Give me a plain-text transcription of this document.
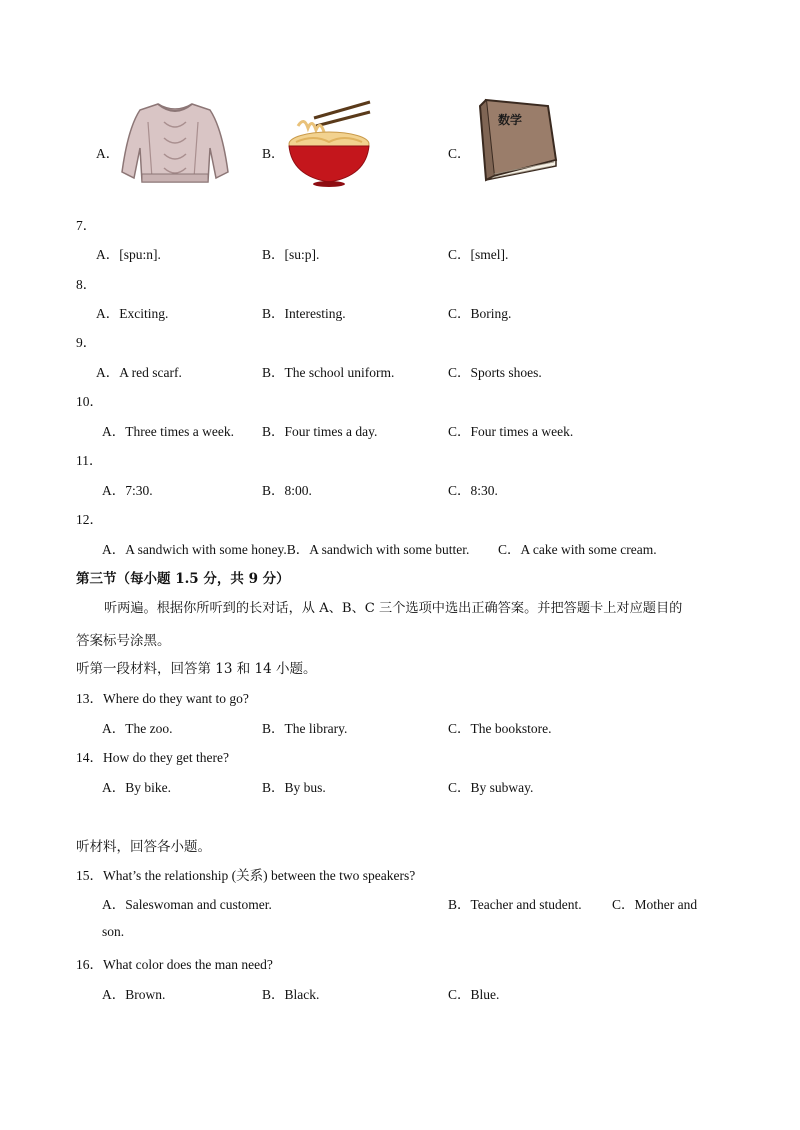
A．	B．	C．
数学
7．
A．[spu:n].	B．[su:p].	C．[smel].
8．
A．Exciting.	B．Interesting.	C．Boring.
9．
A．A red scarf.	B．The school uniform.	C．Sports shoes.
10．
A．Three times a week. B．Four times a day.	C．Four times a week.
11．
A．7:30.	B．8:00.	C．8:30.
12．
A．A sandwich with some honey.B．A sandwich with some butter. C．A cake with some cream.
第三节（每小题 1.5 分，共 9 分）
听两遍。根据你所听到的长对话，从 A、B、C 三个选项中选出正确答案。并把答题卡上对应题目的
答案标号涂黑。
听第一段材料，回答第 13 和 14 小题。
13．Where do they want to go?
A．The zoo.	B．The library.	C．The bookstore.
14．How do they get there?
A．By bike.	B．By bus.	C．By subway.
听材料，回答各小题。
15．What’s the relationship (关系) between the two speakers?
A．Saleswoman and customer.	B．Teacher and student. C．Mother and
son.
16．What color does the man need?
A．Brown.	B．Black.	C．Blue.
